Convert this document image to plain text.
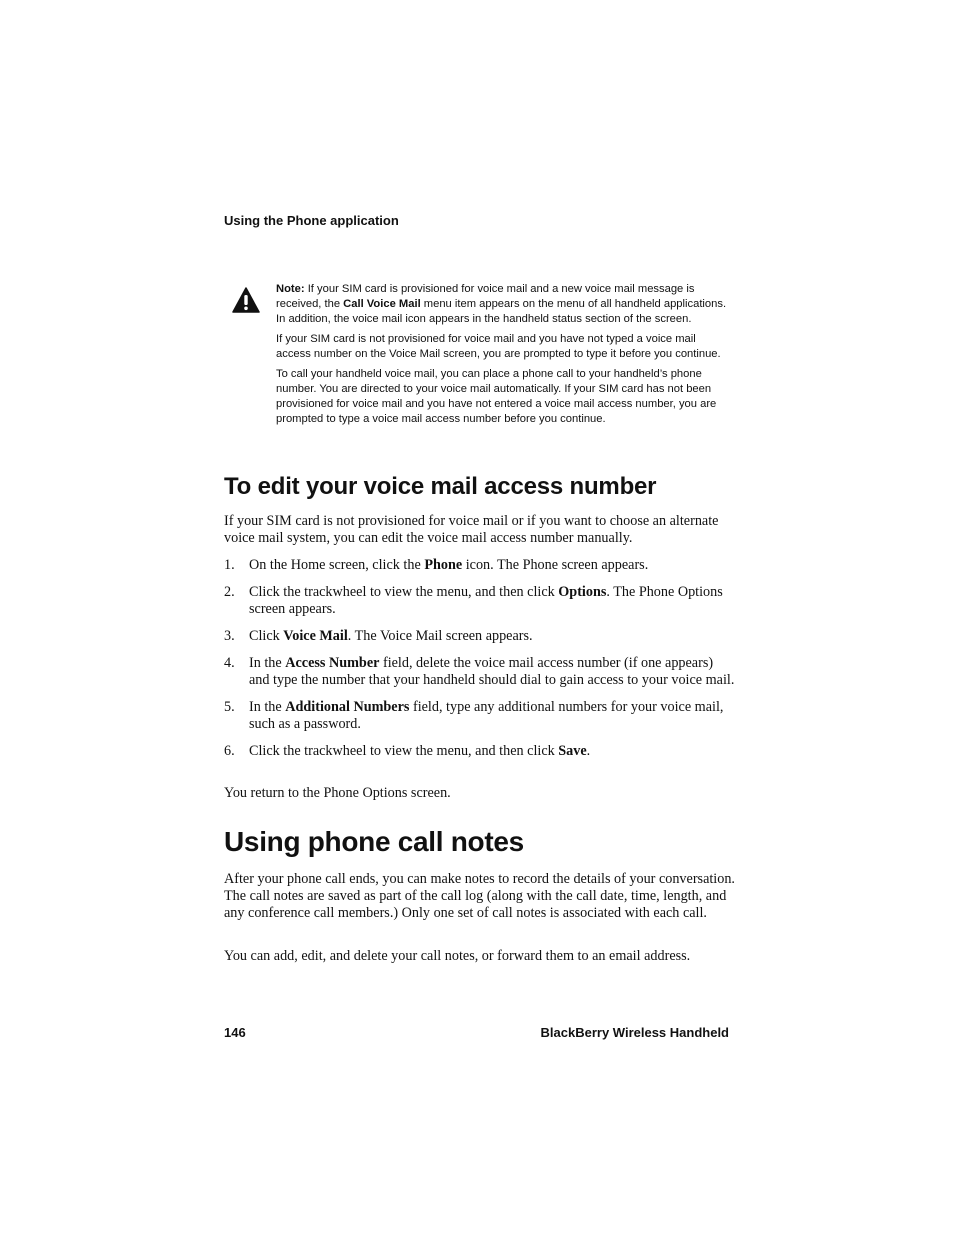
Using the Phone application

Note: If your SIM card is provisioned for voice mail and a new voice mail message is received, the Call Voice Mail menu item appears on the menu of all handheld applications. In addition, the voice mail icon appears in the handheld status section of the screen.

If your SIM card is not provisioned for voice mail and you have not typed a voice mail access number on the Voice Mail screen, you are prompted to type it before you continue.

To call your handheld voice mail, you can place a phone call to your handheld’s phone number. You are directed to your voice mail automatically. If your SIM card has not been provisioned for voice mail and you have not entered a voice mail access number, you are prompted to type a voice mail access number before you continue.

To edit your voice mail access number

If your SIM card is not provisioned for voice mail or if you want to choose an alternate voice mail system, you can edit the voice mail access number manually.

1. On the Home screen, click the Phone icon. The Phone screen appears.
2. Click the trackwheel to view the menu, and then click Options. The Phone Options screen appears.
3. Click Voice Mail. The Voice Mail screen appears.
4. In the Access Number field, delete the voice mail access number (if one appears) and type the number that your handheld should dial to gain access to your voice mail.
5. In the Additional Numbers field, type any additional numbers for your voice mail, such as a password.
6. Click the trackwheel to view the menu, and then click Save.

You return to the Phone Options screen.

Using phone call notes

After your phone call ends, you can make notes to record the details of your conversation. The call notes are saved as part of the call log (along with the call date, time, length, and any conference call members.) Only one set of call notes is associated with each call.

You can add, edit, and delete your call notes, or forward them to an email address.

146	BlackBerry Wireless Handheld
